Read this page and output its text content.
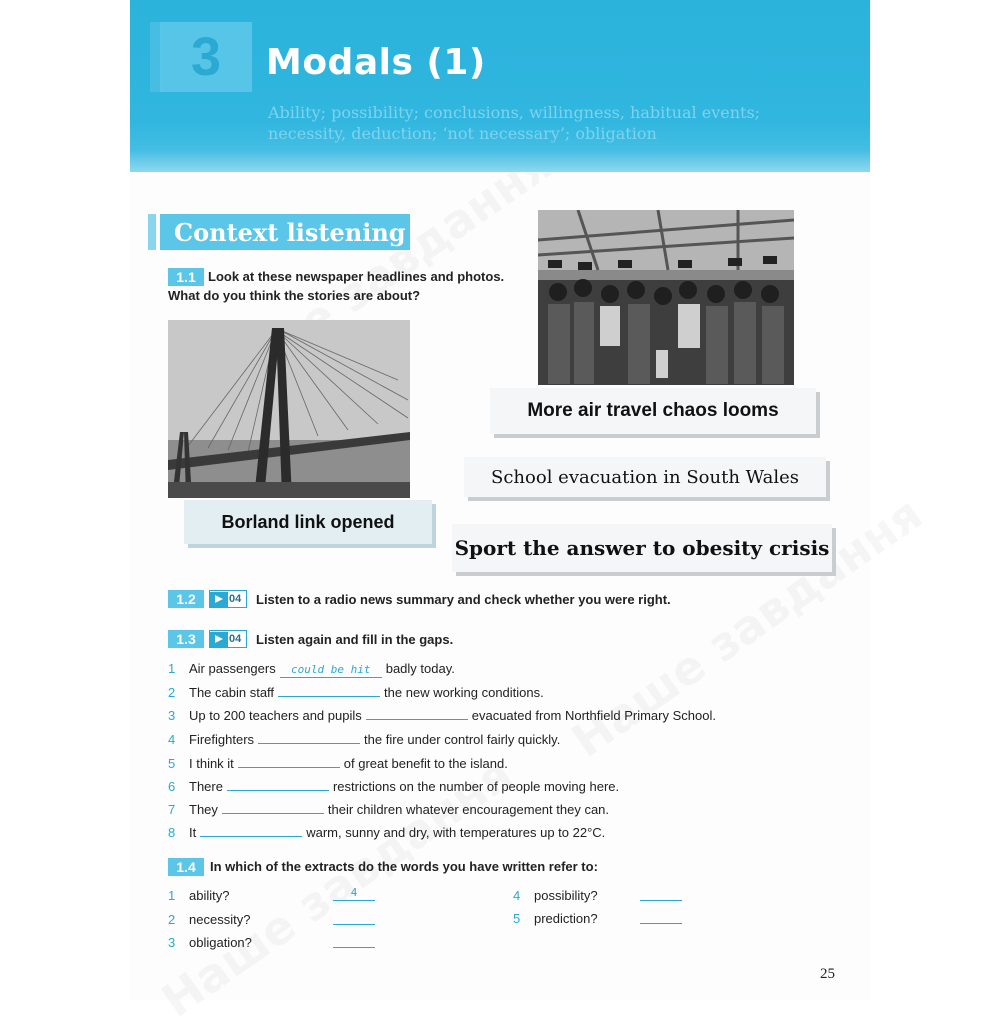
3	Modals (1)
Ability; possibility; conclusions, willingness, habitual events;
necessity, deduction; ‘not necessary’; obligation
Context listening
1.1 Look at these newspaper headlines and photos.
What do you think the stories are about?
More air travel chaos looms
School evacuation in South Wales
Borland link opened
Sport the answer to obesity crisis
1.2	04 Listen to a radio news summary and check whether you were right.
1.3	04 Listen again and fill in the gaps.
1 Air passengers could be hit badly today.
2 The cabin staff	the new working conditions.
3 Up to 200 teachers and pupils	evacuated from Northfield Primary School.
4 Firefighters	the fire under control fairly quickly.
5 I think it	of great benefit to the island.
6 There	restrictions on the number of people moving here.
7 They	their children whatever encouragement they can.
8 It	warm, sunny and dry, with temperatures up to 22°C.
1.4	In which of the extracts do the words you have written refer to:
1 ability?	4
2 necessity?
3 obligation?
4 possibility?
5 prediction?
25
